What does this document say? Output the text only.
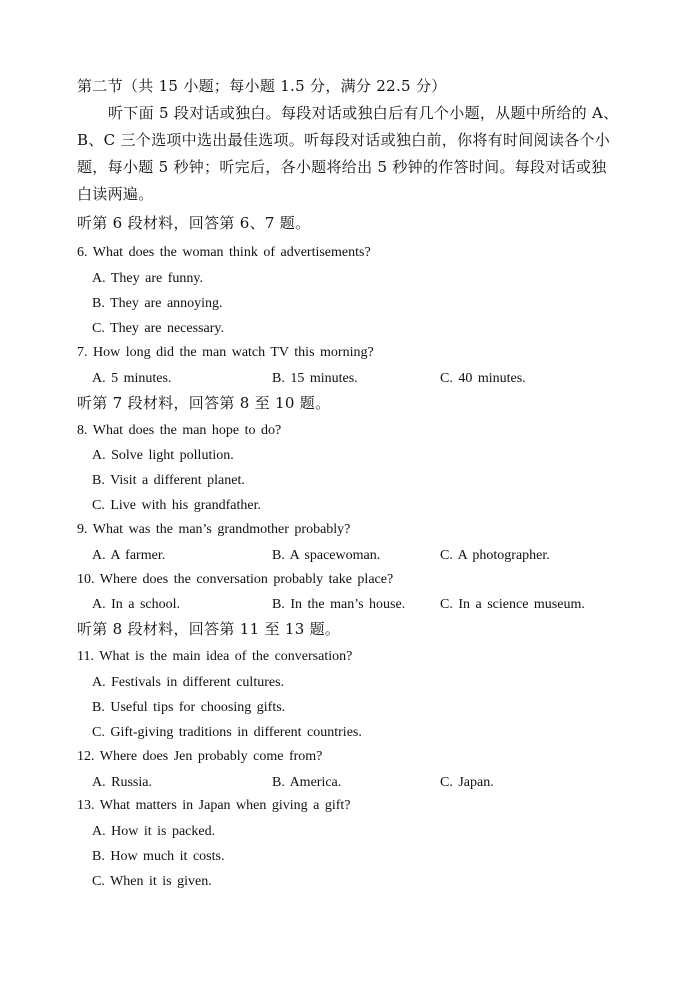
第二节（共 15 小题；每小题 1.5 分，满分 22.5 分）
听下面 5 段对话或独白。每段对话或独白后有几个小题，从题中所给的 A、
B、C 三个选项中选出最佳选项。听每段对话或独白前，你将有时间阅读各个小
题，每小题 5 秒钟；听完后，各小题将给出 5 秒钟的作答时间。每段对话或独
白读两遍。
听第 6 段材料，回答第 6、7 题。
6. What does the woman think of advertisements?
A. They are funny.
B. They are annoying.
C. They are necessary.
7. How long did the man watch TV this morning?
A. 5 minutes.	B. 15 minutes.	C. 40 minutes.
听第 7 段材料，回答第 8 至 10 题。
8. What does the man hope to do?
A. Solve light pollution.
B. Visit a different planet.
C. Live with his grandfather.
9. What was the man’s grandmother probably?
A. A farmer.	B. A spacewoman.	C. A photographer.
10. Where does the conversation probably take place?
A. In a school.	B. In the man’s house. C. In a science museum.
听第 8 段材料，回答第 11 至 13 题。
11. What is the main idea of the conversation?
A. Festivals in different cultures.
B. Useful tips for choosing gifts.
C. Gift-giving traditions in different countries.
12. Where does Jen probably come from?
A. Russia.	B. America.	C. Japan.
13. What matters in Japan when giving a gift?
A. How it is packed.
B. How much it costs.
C. When it is given.
